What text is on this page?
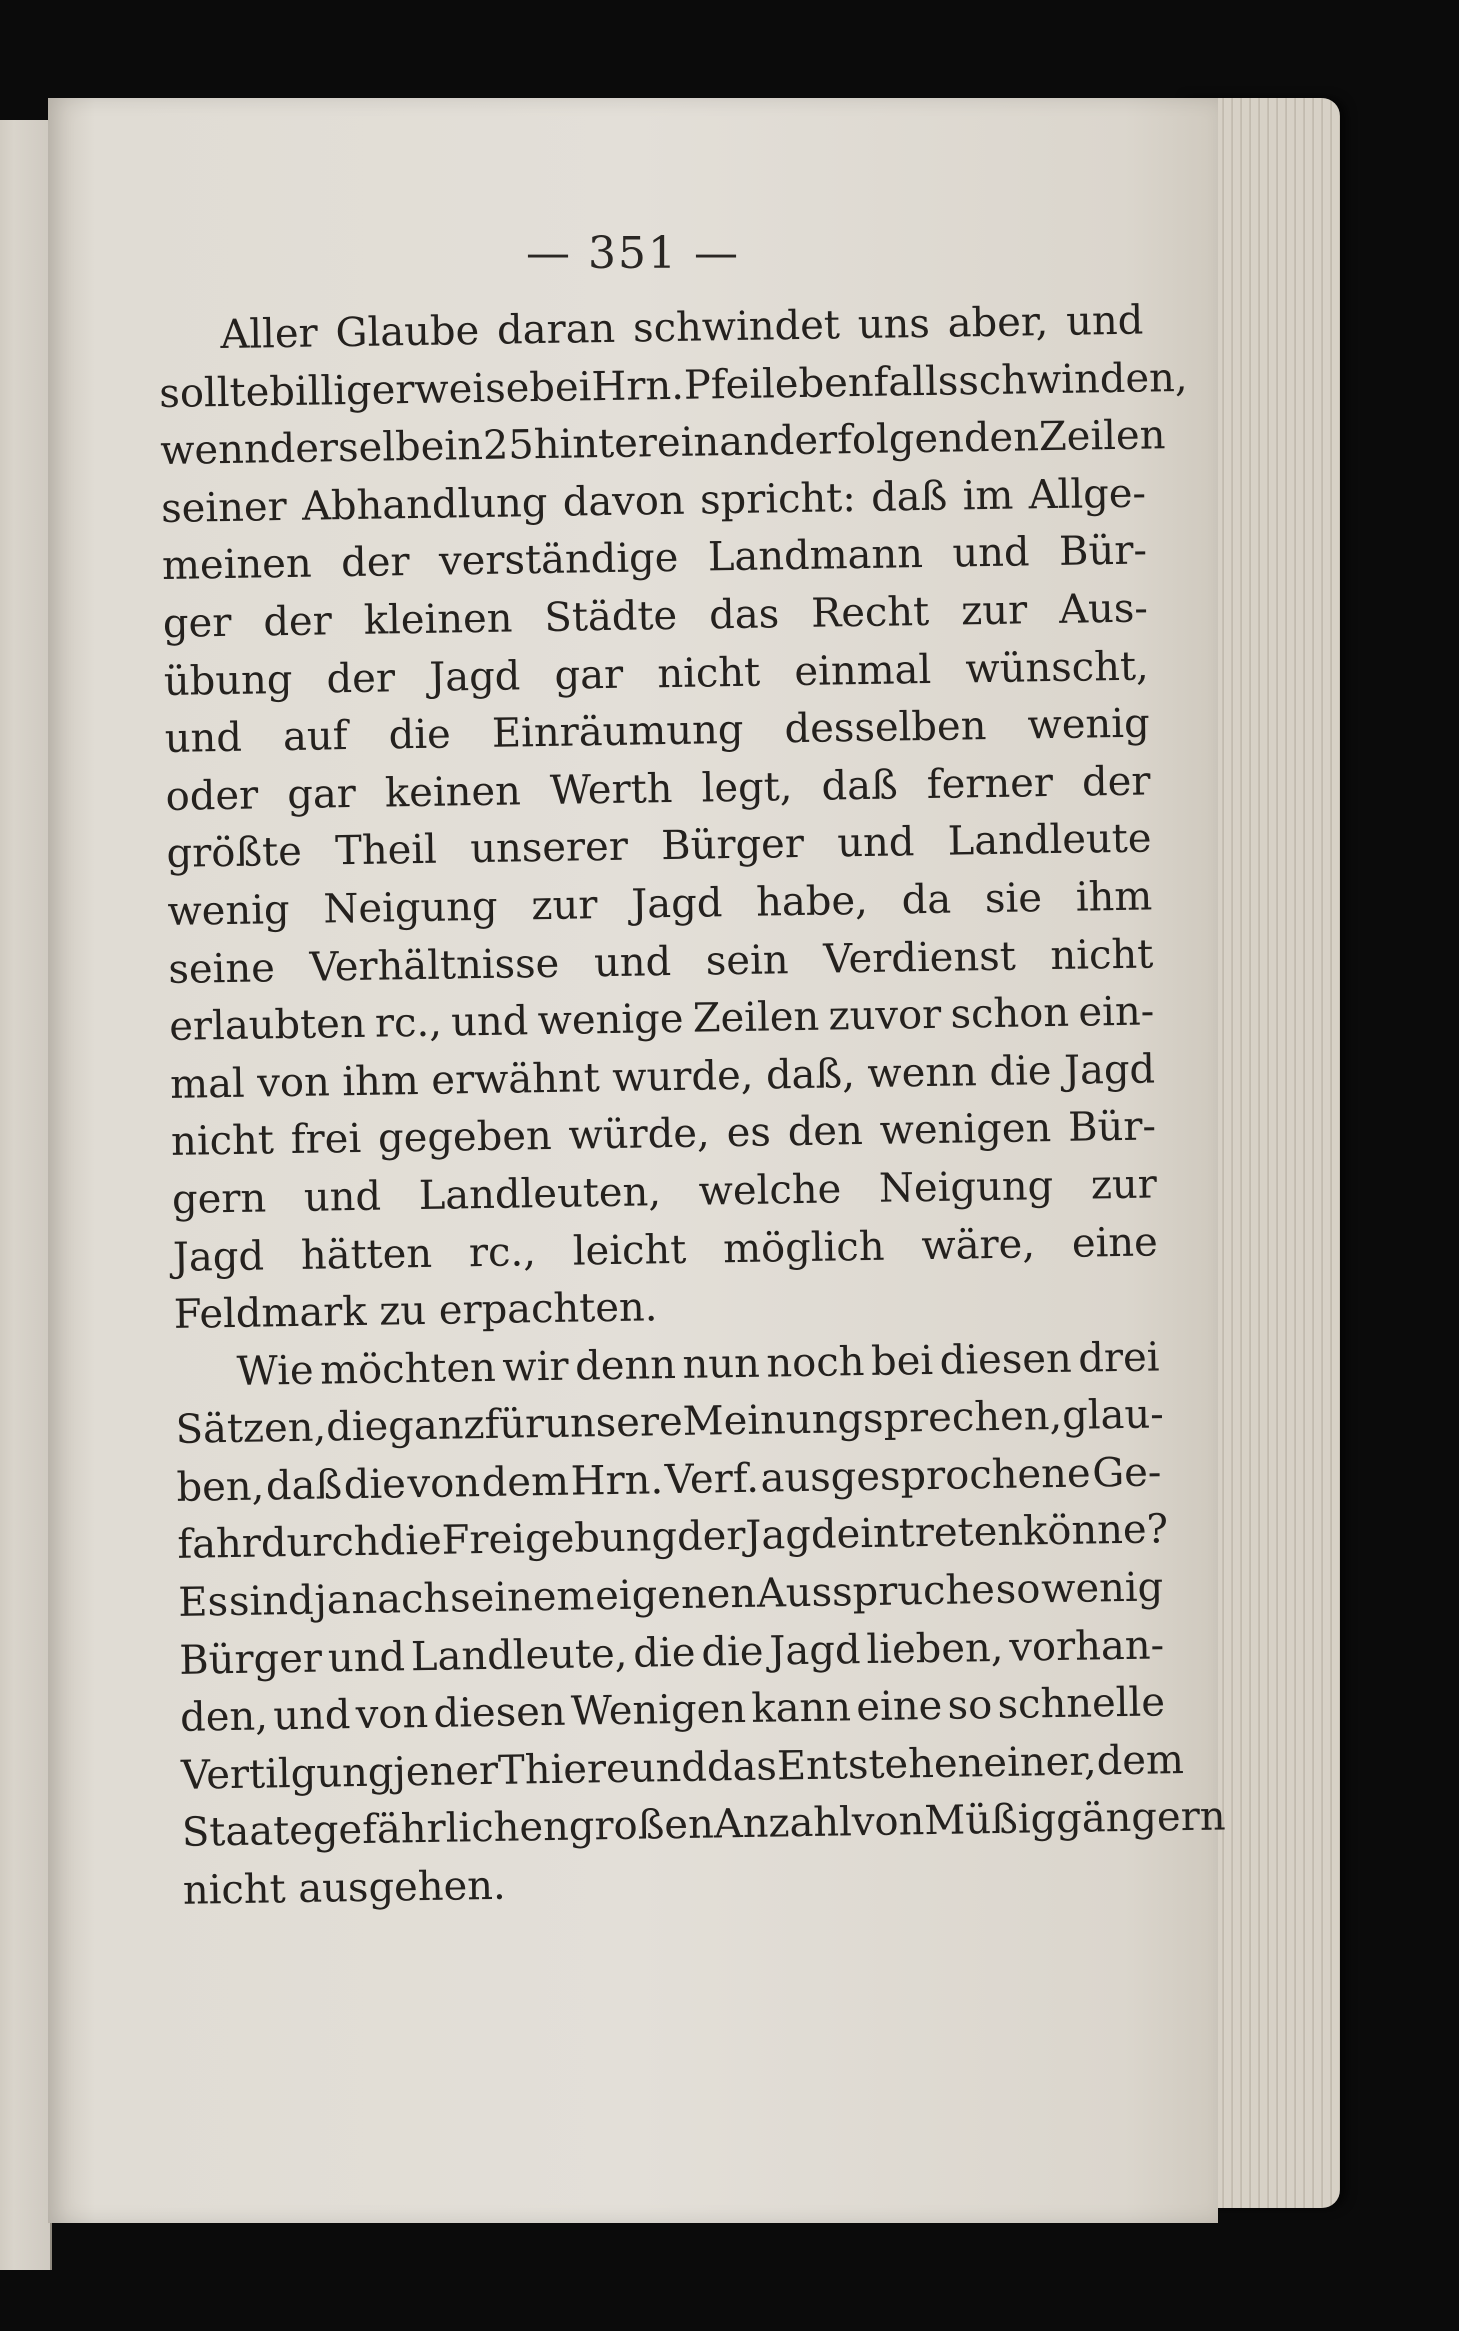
— 351 —
Aller Glaube daran schwindet uns aber, und
sollte billigerweise bei Hrn. Pfeil ebenfalls schwinden,
wenn derselbe in 25 hinter einander folgenden Zeilen
seiner Abhandlung davon spricht: daß im Allge-
meinen der verständige Landmann und Bür-
ger der kleinen Städte das Recht zur Aus-
übung der Jagd gar nicht einmal wünscht,
und auf die Einräumung desselben wenig
oder gar keinen Werth legt, daß ferner der
größte Theil unserer Bürger und Landleute
wenig Neigung zur Jagd habe, da sie ihm
seine Verhältnisse und sein Verdienst nicht
erlaubten rc., und wenige Zeilen zuvor schon ein-
mal von ihm erwähnt wurde, daß, wenn die Jagd
nicht frei gegeben würde, es den wenigen Bür-
gern und Landleuten, welche Neigung zur
Jagd hätten rc., leicht möglich wäre, eine
Feldmark zu erpachten.
Wie möchten wir denn nun noch bei diesen drei
Sätzen, die ganz für unsere Meinung sprechen, glau-
ben, daß die von dem Hrn. Verf. ausgesprochene Ge-
fahr durch die Freigebung der Jagd eintreten könne?
Es sind ja nach seinem eigenen Ausspruche so wenig
Bürger und Landleute, die die Jagd lieben, vorhan-
den, und von diesen Wenigen kann eine so schnelle
Vertilgung jener Thiere und das Entstehen einer, dem
Staate gefährlichen großen Anzahl von Müßiggängern
nicht ausgehen.
